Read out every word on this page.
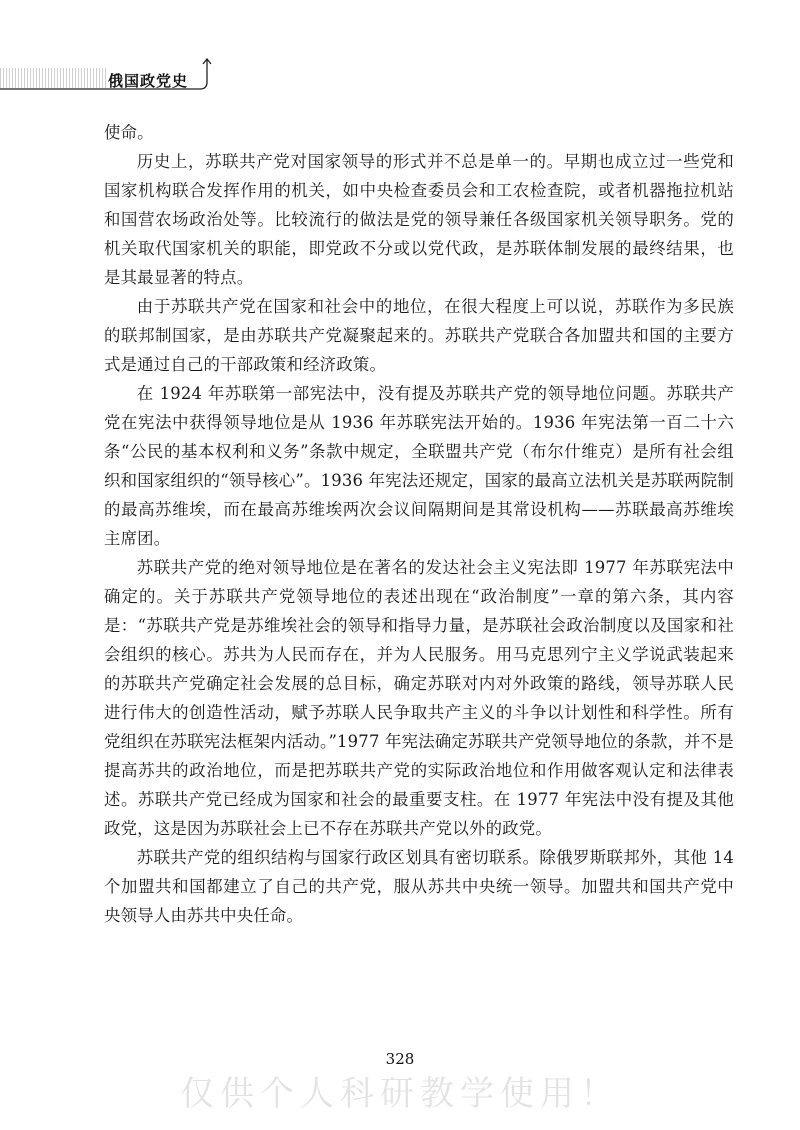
俄国政党史

使命。

历史上，苏联共产党对国家领导的形式并不总是单一的。早期也成立过一些党和国家机构联合发挥作用的机关，如中央检查委员会和工农检查院，或者机器拖拉机站和国营农场政治处等。比较流行的做法是党的领导兼任各级国家机关领导职务。党的机关取代国家机关的职能，即党政不分或以党代政，是苏联体制发展的最终结果，也是其最显著的特点。

由于苏联共产党在国家和社会中的地位，在很大程度上可以说，苏联作为多民族的联邦制国家，是由苏联共产党凝聚起来的。苏联共产党联合各加盟共和国的主要方式是通过自己的干部政策和经济政策。

在 1924 年苏联第一部宪法中，没有提及苏联共产党的领导地位问题。苏联共产党在宪法中获得领导地位是从 1936 年苏联宪法开始的。1936 年宪法第一百二十六条“公民的基本权利和义务”条款中规定，全联盟共产党（布尔什维克）是所有社会组织和国家组织的“领导核心”。1936 年宪法还规定，国家的最高立法机关是苏联两院制的最高苏维埃，而在最高苏维埃两次会议间隔期间是其常设机构——苏联最高苏维埃主席团。

苏联共产党的绝对领导地位是在著名的发达社会主义宪法即 1977 年苏联宪法中确定的。关于苏联共产党领导地位的表述出现在“政治制度”一章的第六条，其内容是：“苏联共产党是苏维埃社会的领导和指导力量，是苏联社会政治制度以及国家和社会组织的核心。苏共为人民而存在，并为人民服务。用马克思列宁主义学说武装起来的苏联共产党确定社会发展的总目标，确定苏联对内对外政策的路线，领导苏联人民进行伟大的创造性活动，赋予苏联人民争取共产主义的斗争以计划性和科学性。所有党组织在苏联宪法框架内活动。”1977 年宪法确定苏联共产党领导地位的条款，并不是提高苏共的政治地位，而是把苏联共产党的实际政治地位和作用做客观认定和法律表述。苏联共产党已经成为国家和社会的最重要支柱。在 1977 年宪法中没有提及其他政党，这是因为苏联社会上已不存在苏联共产党以外的政党。

苏联共产党的组织结构与国家行政区划具有密切联系。除俄罗斯联邦外，其他 14 个加盟共和国都建立了自己的共产党，服从苏共中央统一领导。加盟共和国共产党中央领导人由苏共中央任命。

328
仅供个人科研教学使用！
